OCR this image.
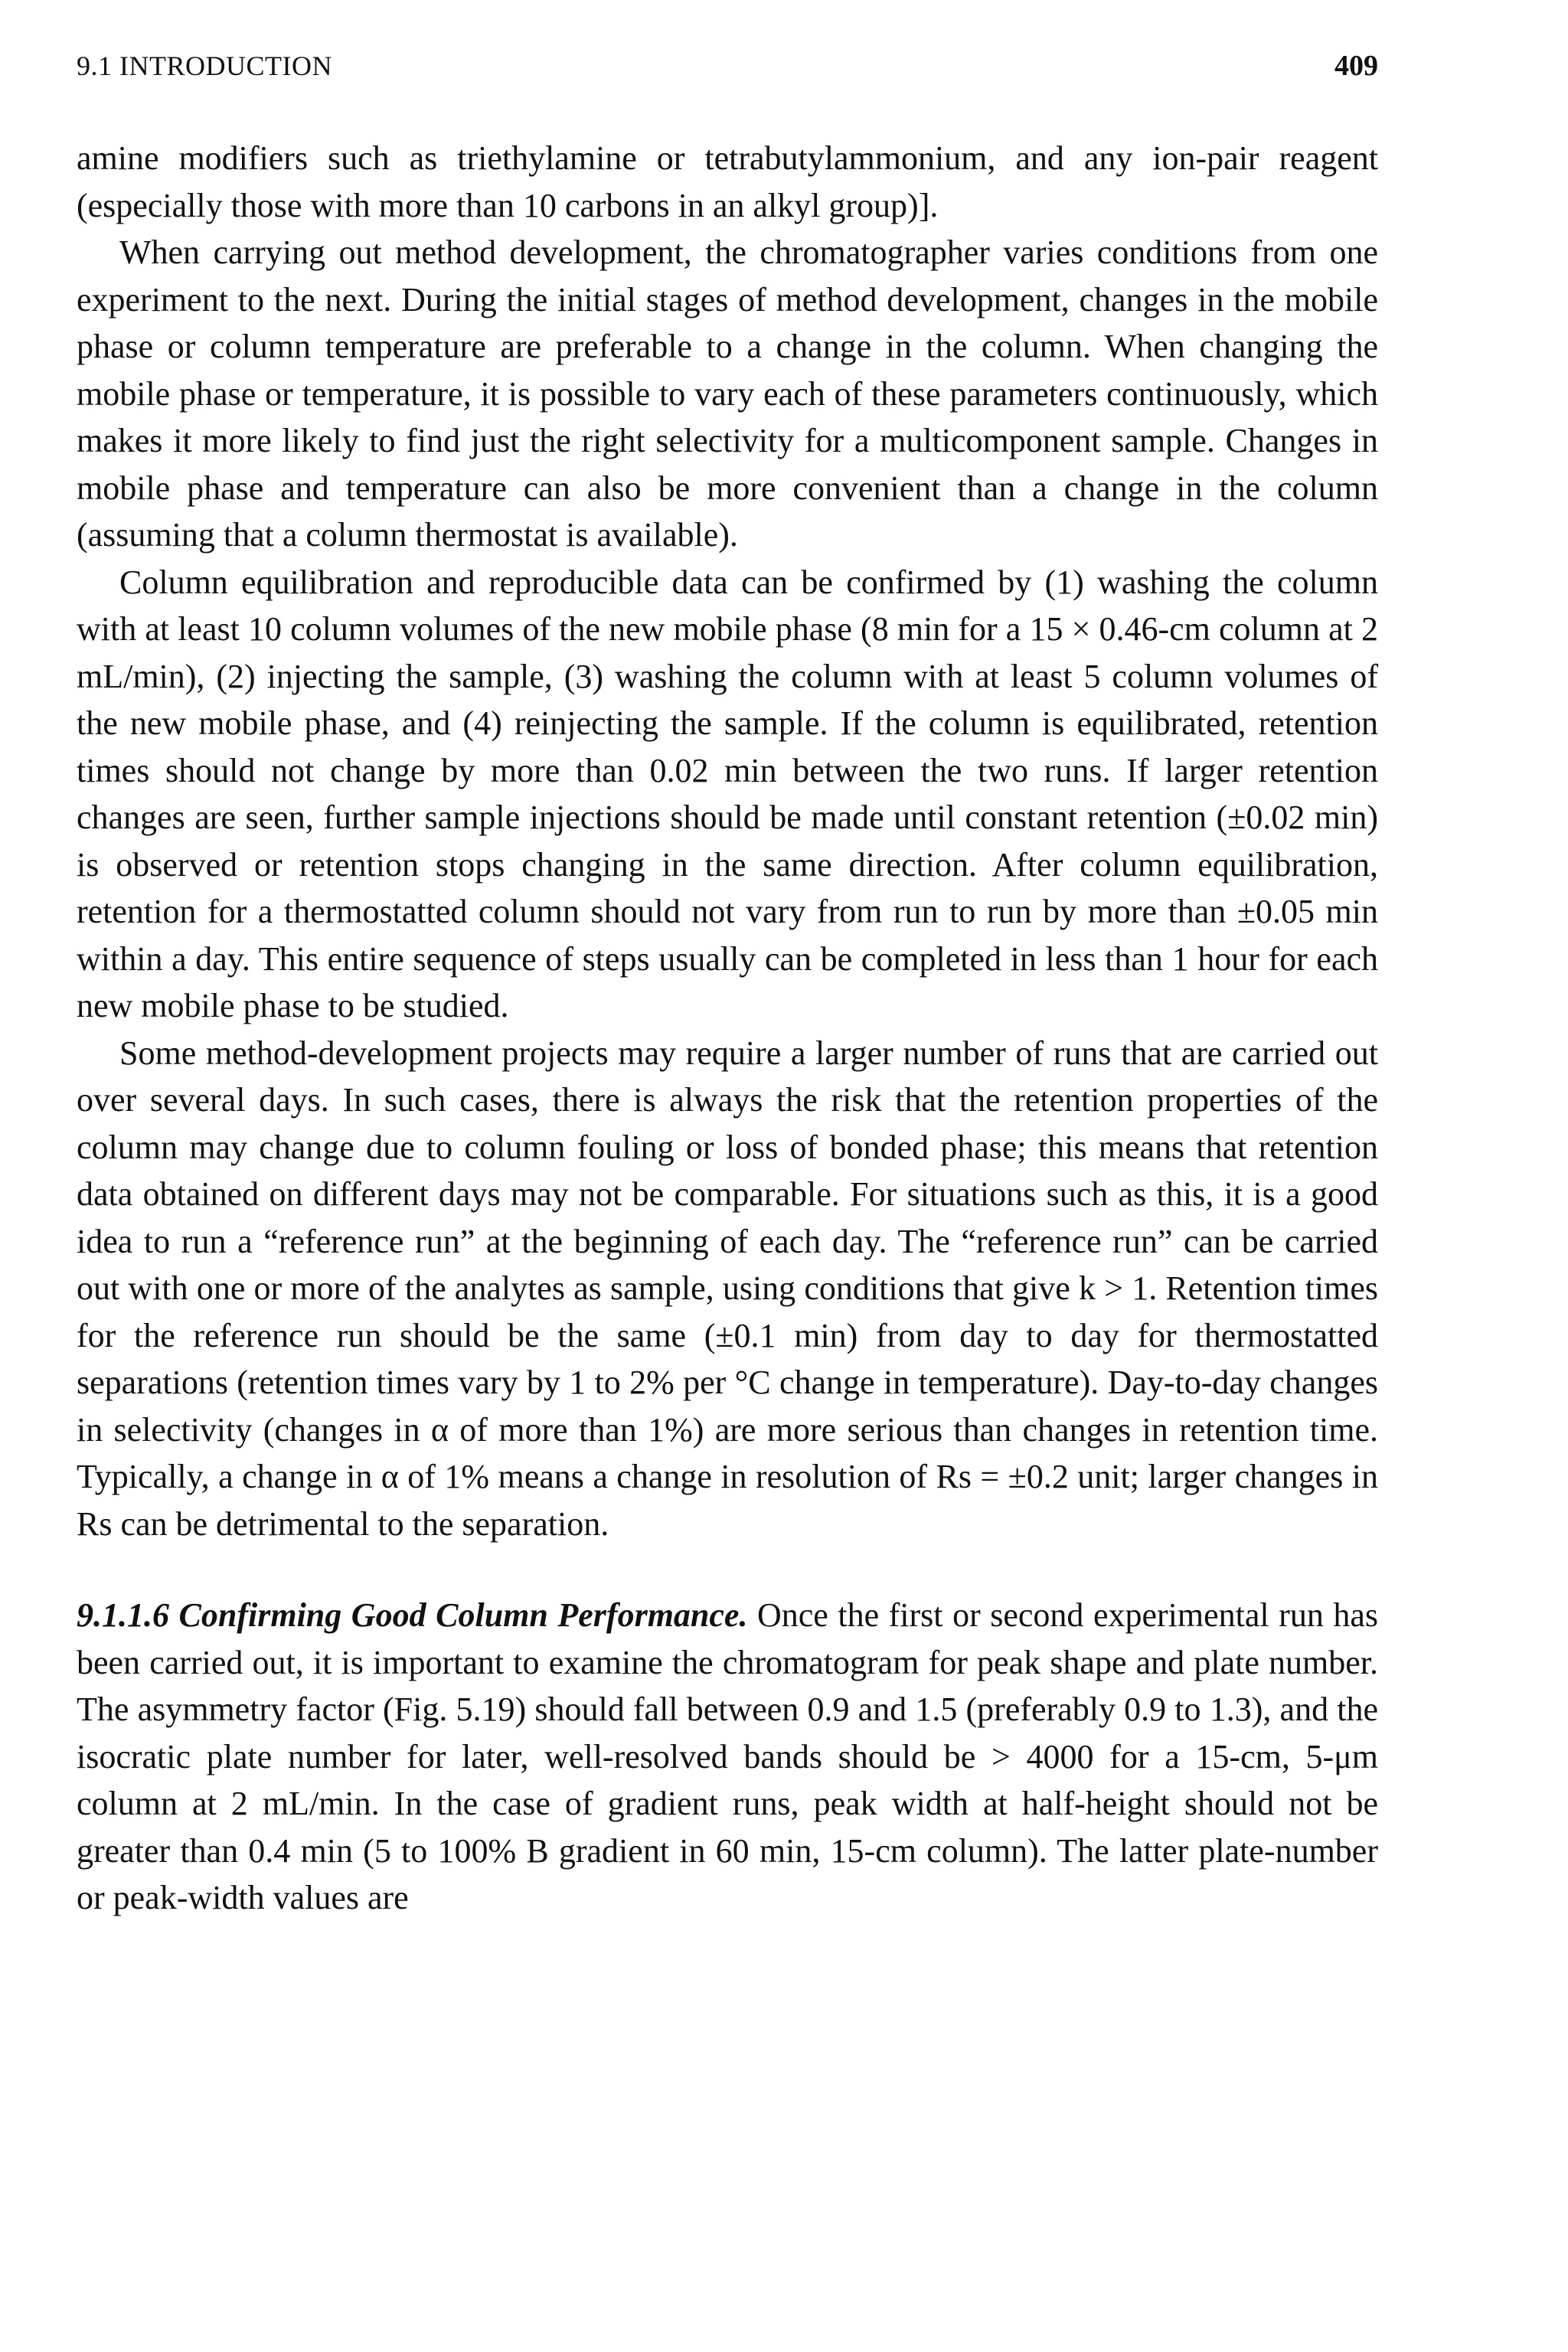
9.1 INTRODUCTION	409

amine modifiers such as triethylamine or tetrabutylammonium, and any ion-pair reagent (especially those with more than 10 carbons in an alkyl group)].

When carrying out method development, the chromatographer varies conditions from one experiment to the next. During the initial stages of method development, changes in the mobile phase or column temperature are preferable to a change in the column. When changing the mobile phase or temperature, it is possible to vary each of these parameters continuously, which makes it more likely to find just the right selectivity for a multicomponent sample. Changes in mobile phase and temperature can also be more convenient than a change in the column (assuming that a column thermostat is available).

Column equilibration and reproducible data can be confirmed by (1) washing the column with at least 10 column volumes of the new mobile phase (8 min for a 15 × 0.46-cm column at 2 mL/min), (2) injecting the sample, (3) washing the column with at least 5 column volumes of the new mobile phase, and (4) reinjecting the sample. If the column is equilibrated, retention times should not change by more than 0.02 min between the two runs. If larger retention changes are seen, further sample injections should be made until constant retention (±0.02 min) is observed or retention stops changing in the same direction. After column equilibration, retention for a thermostatted column should not vary from run to run by more than ±0.05 min within a day. This entire sequence of steps usually can be completed in less than 1 hour for each new mobile phase to be studied.

Some method-development projects may require a larger number of runs that are carried out over several days. In such cases, there is always the risk that the retention properties of the column may change due to column fouling or loss of bonded phase; this means that retention data obtained on different days may not be comparable. For situations such as this, it is a good idea to run a “reference run” at the beginning of each day. The “reference run” can be carried out with one or more of the analytes as sample, using conditions that give k > 1. Retention times for the reference run should be the same (±0.1 min) from day to day for thermostatted separations (retention times vary by 1 to 2% per °C change in temperature). Day-to-day changes in selectivity (changes in α of more than 1%) are more serious than changes in retention time. Typically, a change in α of 1% means a change in resolution of Rs = ±0.2 unit; larger changes in Rs can be detrimental to the separation.

9.1.1.6 Confirming Good Column Performance. Once the first or second experimental run has been carried out, it is important to examine the chromatogram for peak shape and plate number. The asymmetry factor (Fig. 5.19) should fall between 0.9 and 1.5 (preferably 0.9 to 1.3), and the isocratic plate number for later, well-resolved bands should be > 4000 for a 15-cm, 5-μm column at 2 mL/min. In the case of gradient runs, peak width at half-height should not be greater than 0.4 min (5 to 100% B gradient in 60 min, 15-cm column). The latter plate-number or peak-width values are
